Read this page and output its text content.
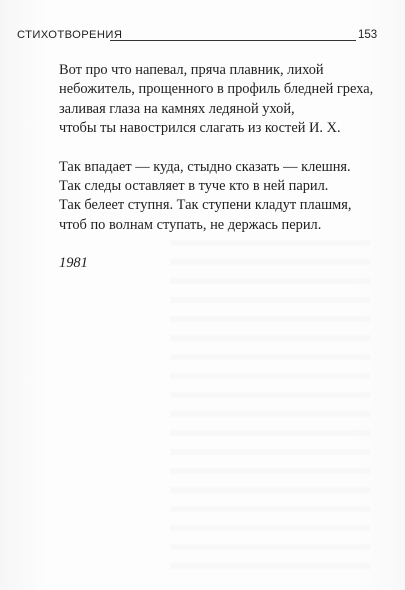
СТИХОТВОРЕНИЯ	153
Вот про что напевал, пряча плавник, лихой
небожитель, прощенного в профиль бледней греха,
заливая глаза на камнях ледяной ухой,
чтобы ты навострился слагать из костей И. Х.
Так впадает — куда, стыдно сказать — клешня.
Так следы оставляет в туче кто в ней парил.
Так белеет ступня. Так ступени кладут плашмя,
чтоб по волнам ступать, не держась перил.
1981
